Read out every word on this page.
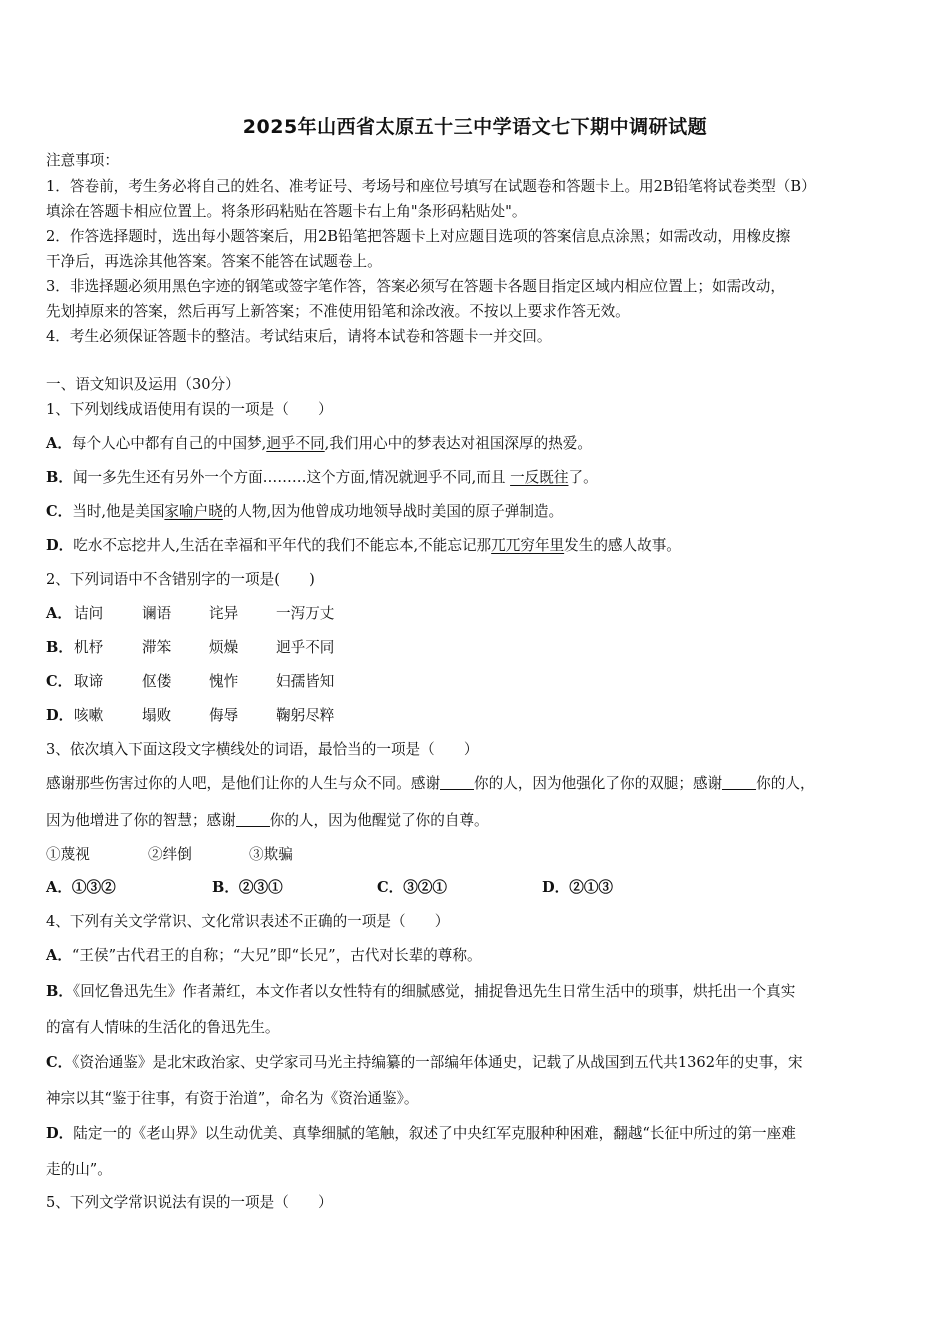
2025年山西省太原五十三中学语文七下期中调研试题
注意事项：
1．答卷前，考生务必将自己的姓名、准考证号、考场号和座位号填写在试题卷和答题卡上。用2B铅笔将试卷类型（B）
填涂在答题卡相应位置上。将条形码粘贴在答题卡右上角"条形码粘贴处"。
2．作答选择题时，选出每小题答案后，用2B铅笔把答题卡上对应题目选项的答案信息点涂黑；如需改动，用橡皮擦
干净后，再选涂其他答案。答案不能答在试题卷上。
3．非选择题必须用黑色字迹的钢笔或签字笔作答，答案必须写在答题卡各题目指定区域内相应位置上；如需改动，
先划掉原来的答案，然后再写上新答案；不准使用铅笔和涂改液。不按以上要求作答无效。
4．考生必须保证答题卡的整洁。考试结束后，请将本试卷和答题卡一并交回。
一、语文知识及运用（30分）
1、下列划线成语使用有误的一项是（　　）
A．每个人心中都有自己的中国梦,迥乎不同,我们用心中的梦表达对祖国深厚的热爱。
B．闻一多先生还有另外一个方面………这个方面,情况就迥乎不同,而且 一反既往了。
C．当时,他是美国家喻户晓的人物,因为他曾成功地领导战时美国的原子弹制造。
D．吃水不忘挖井人,生活在幸福和平年代的我们不能忘本,不能忘记那兀兀穷年里发生的感人故事。
2、下列词语中不含错别字的一项是(　　)
A． 诘问	谰语	诧异	一泻万丈
B． 机杼	滞笨	烦燥	迥乎不同
C． 取谛	伛偻	愧怍	妇孺皆知
D． 咳嗽	塌败	侮辱	鞠躬尽粹
3、依次填入下面这段文字横线处的词语，最恰当的一项是（　　）
感谢那些伤害过你的人吧，是他们让你的人生与众不同。感谢 你的人，因为他强化了你的双腿；感谢 你的人，
因为他增进了你的智慧；感谢 你的人，因为他醒觉了你的自尊。
①蔑视	②绊倒	③欺骗
A．①③②	B．②③①	C．③②①	D．②①③
4、下列有关文学常识、文化常识表述不正确的一项是（　　）
A．“王侯”古代君王的自称；“大兄”即“长兄”，古代对长辈的尊称。
B．《回忆鲁迅先生》作者萧红，本文作者以女性特有的细腻感觉，捕捉鲁迅先生日常生活中的琐事，烘托出一个真实
的富有人情味的生活化的鲁迅先生。
C．《资治通鉴》是北宋政治家、史学家司马光主持编纂的一部编年体通史，记载了从战国到五代共1362年的史事，宋
神宗以其“鉴于往事，有资于治道”，命名为《资治通鉴》。
D．陆定一的《老山界》以生动优美、真挚细腻的笔触，叙述了中央红军克服种种困难，翻越“长征中所过的第一座难
走的山”。
5、下列文学常识说法有误的一项是（　　）
